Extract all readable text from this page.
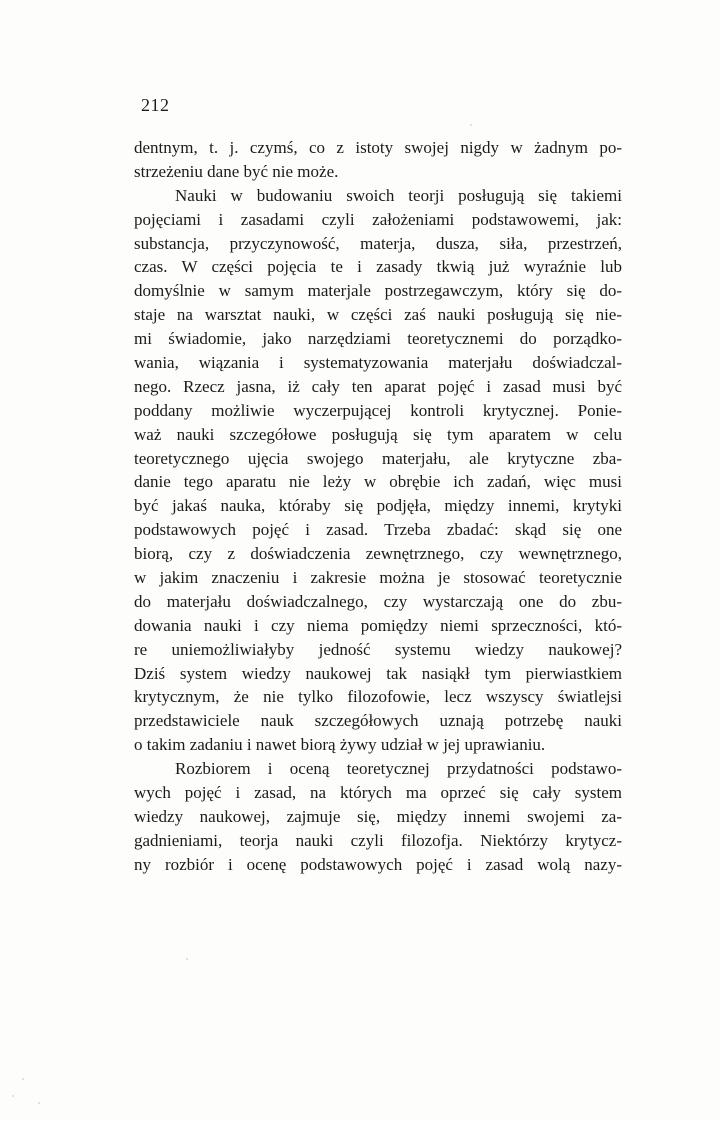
212
dentnym, t. j. czymś, co z istoty swojej nigdy w żadnym po-
strzeżeniu dane być nie może.
Nauki w budowaniu swoich teorji posługują się takiemi
pojęciami i zasadami czyli założeniami podstawowemi, jak:
substancja, przyczynowość, materja, dusza, siła, przestrzeń,
czas. W części pojęcia te i zasady tkwią już wyraźnie lub
domyślnie w samym materjale postrzegawczym, który się do-
staje na warsztat nauki, w części zaś nauki posługują się nie-
mi świadomie, jako narzędziami teoretycznemi do porządko-
wania, wiązania i systematyzowania materjału doświadczal-
nego. Rzecz jasna, iż cały ten aparat pojęć i zasad musi być
poddany możliwie wyczerpującej kontroli krytycznej. Ponie-
waż nauki szczegółowe posługują się tym aparatem w celu
teoretycznego ujęcia swojego materjału, ale krytyczne zba-
danie tego aparatu nie leży w obrębie ich zadań, więc musi
być jakaś nauka, któraby się podjęła, między innemi, krytyki
podstawowych pojęć i zasad. Trzeba zbadać: skąd się one
biorą, czy z doświadczenia zewnętrznego, czy wewnętrznego,
w jakim znaczeniu i zakresie można je stosować teoretycznie
do materjału doświadczalnego, czy wystarczają one do zbu-
dowania nauki i czy niema pomiędzy niemi sprzeczności, któ-
re uniemożliwiałyby jedność systemu wiedzy naukowej?
Dziś system wiedzy naukowej tak nasiąkł tym pierwiastkiem
krytycznym, że nie tylko filozofowie, lecz wszyscy światlejsi
przedstawiciele nauk szczegółowych uznają potrzebę nauki
o takim zadaniu i nawet biorą żywy udział w jej uprawianiu.
Rozbiorem i oceną teoretycznej przydatności podstawo-
wych pojęć i zasad, na których ma oprzeć się cały system
wiedzy naukowej, zajmuje się, między innemi swojemi za-
gadnieniami, teorja nauki czyli filozofja. Niektórzy krytycz-
ny rozbiór i ocenę podstawowych pojęć i zasad wolą nazy-
